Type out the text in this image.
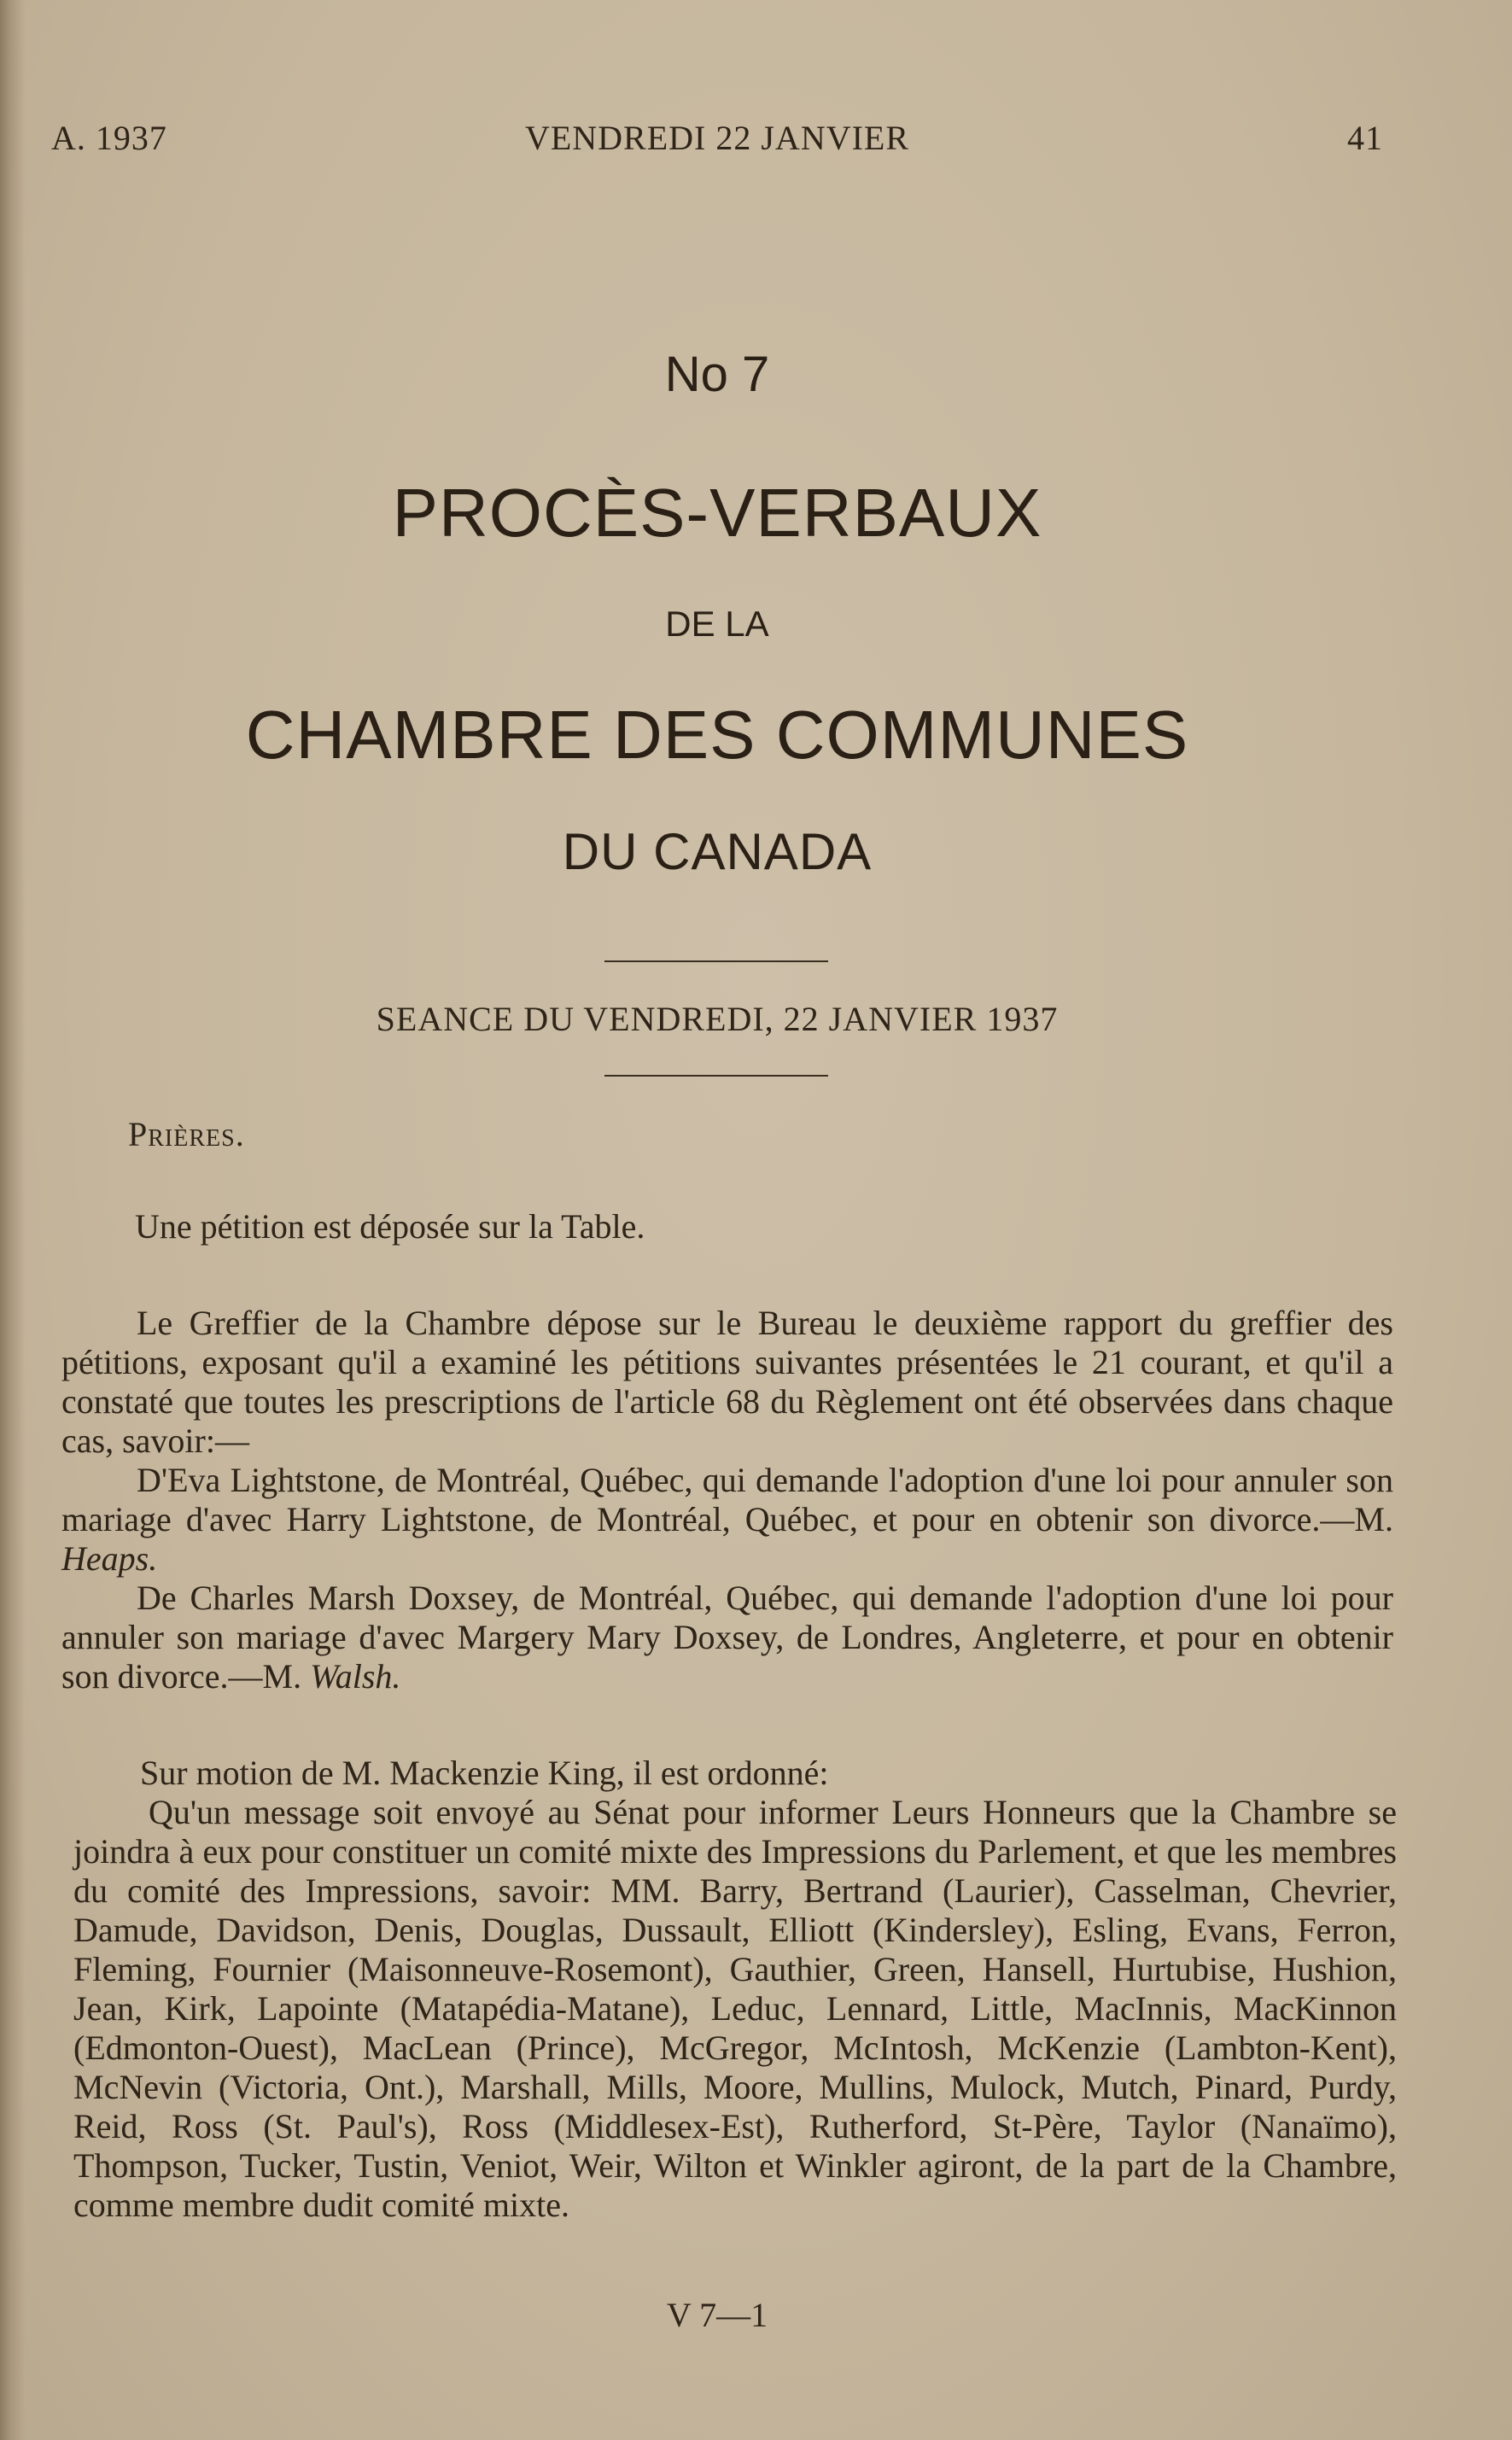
A. 1937	VENDREDI 22 JANVIER	41
No 7
PROCÈS-VERBAUX
DE LA
CHAMBRE DES COMMUNES
DU CANADA
SEANCE DU VENDREDI, 22 JANVIER 1937
Prières.
Une pétition est déposée sur la Table.

Le Greffier de la Chambre dépose sur le Bureau le deuxième rapport du greffier des pétitions, exposant qu'il a examiné les pétitions suivantes présentées le 21 courant, et qu'il a constaté que toutes les prescriptions de l'article 68 du Règlement ont été observées dans chaque cas, savoir:—

D'Eva Lightstone, de Montréal, Québec, qui demande l'adoption d'une loi pour annuler son mariage d'avec Harry Lightstone, de Montréal, Québec, et pour en obtenir son divorce.—M. Heaps.

De Charles Marsh Doxsey, de Montréal, Québec, qui demande l'adoption d'une loi pour annuler son mariage d'avec Margery Mary Doxsey, de Londres, Angleterre, et pour en obtenir son divorce.—M. Walsh.

Sur motion de M. Mackenzie King, il est ordonné:

Qu'un message soit envoyé au Sénat pour informer Leurs Honneurs que la Chambre se joindra à eux pour constituer un comité mixte des Impressions du Parlement, et que les membres du comité des Impressions, savoir: MM. Barry, Bertrand (Laurier), Casselman, Chevrier, Damude, Davidson, Denis, Douglas, Dussault, Elliott (Kindersley), Esling, Evans, Ferron, Fleming, Fournier (Maisonneuve-Rosemont), Gauthier, Green, Hansell, Hurtubise, Hushion, Jean, Kirk, Lapointe (Matapédia-Matane), Leduc, Lennard, Little, MacInnis, MacKinnon (Edmonton-Ouest), MacLean (Prince), McGregor, McIntosh, McKenzie (Lambton-Kent), McNevin (Victoria, Ont.), Marshall, Mills, Moore, Mullins, Mulock, Mutch, Pinard, Purdy, Reid, Ross (St. Paul's), Ross (Middlesex-Est), Rutherford, St-Père, Taylor (Nanaïmo), Thompson, Tucker, Tustin, Veniot, Weir, Wilton et Winkler agiront, de la part de la Chambre, comme membre dudit comité mixte.

V 7—1
